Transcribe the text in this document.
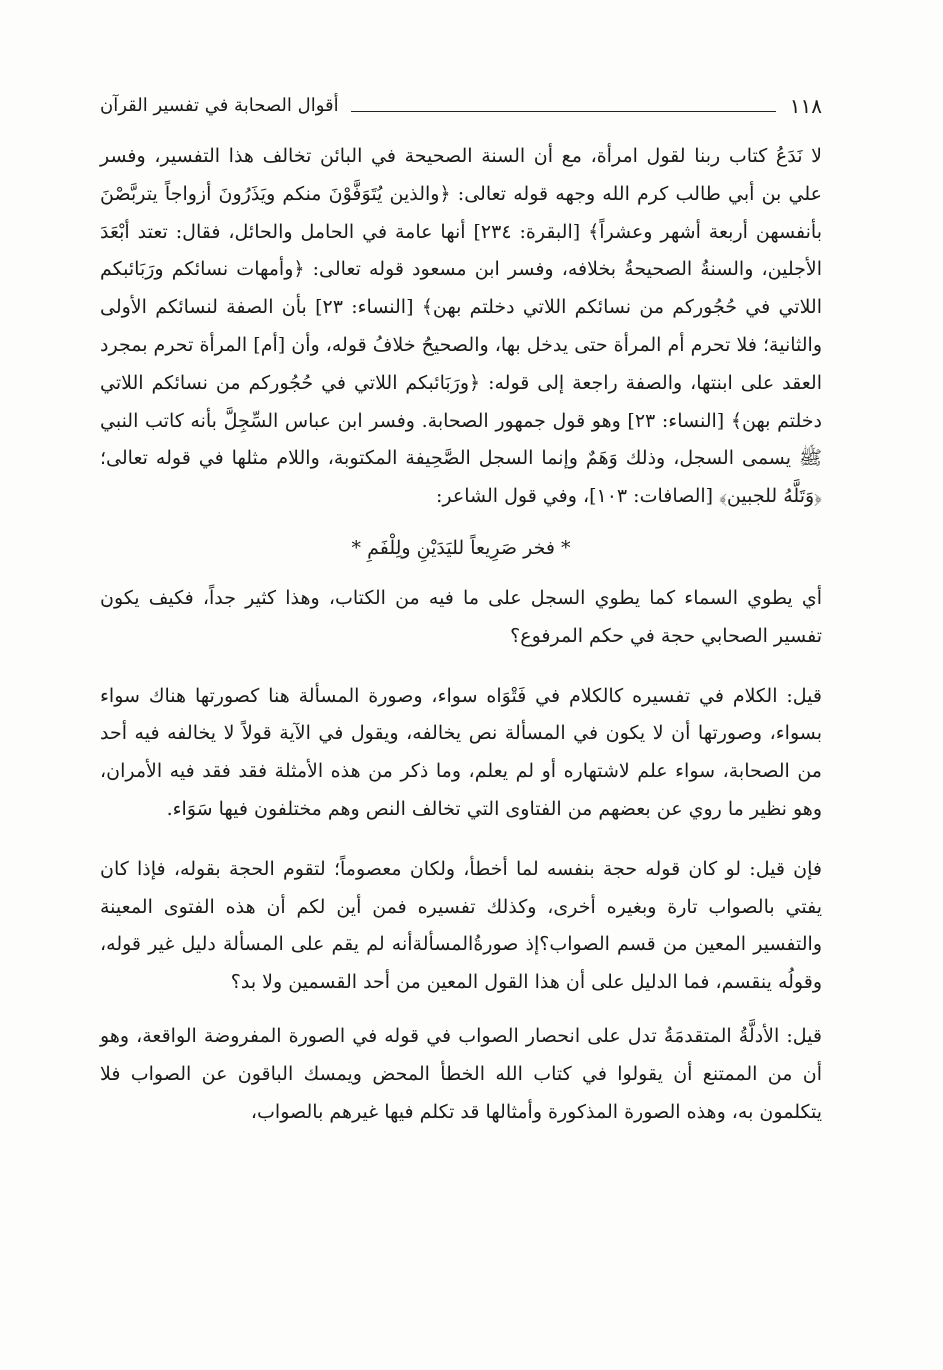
١١٨
أقوال الصحابة في تفسير القرآن

لا نَدَعُ كتاب ربنا لقول امرأة، مع أن السنة الصحيحة في البائن تخالف هذا التفسير، وفسر علي بن أبي طالب كرم الله وجهه قوله تعالى: ﴿والذين يُتَوَفَّوْنَ منكم ويَذَرُونَ أزواجاً يتربَّصْنَ بأنفسهن أربعة أشهر وعشراً﴾ [البقرة: ٢٣٤] أنها عامة في الحامل والحائل، فقال: تعتد أبْعَدَ الأجلين، والسنةُ الصحيحةُ بخلافه، وفسر ابن مسعود قوله تعالى: ﴿وأمهات نسائكم ورَبَائبكم اللاتي في حُجُوركم من نسائكم اللاتي دخلتم بهن﴾ [النساء: ٢٣] بأن الصفة لنسائكم الأولى والثانية؛ فلا تحرم أم المرأة حتى يدخل بها، والصحيحُ خلافُ قوله، وأن [أم] المرأة تحرم بمجرد العقد على ابنتها، والصفة راجعة إلى قوله: ﴿ورَبَائبكم اللاتي في حُجُوركم من نسائكم اللاتي دخلتم بهن﴾ [النساء: ٢٣] وهو قول جمهور الصحابة. وفسر ابن عباس السِّجِلَّ بأنه كاتب النبي ﷺ يسمى السجل، وذلك وَهَمٌ وإنما السجل الصَّحِيفة المكتوبة، واللام مثلها في قوله تعالى؛ ﴿وَتَلَّهُ للجبين﴾ [الصافات: ١٠٣]، وفي قول الشاعر:

* فخر صَرِيعاً لليَدَيْنِ ولِلْفَمِ *

أي يطوي السماء كما يطوي السجل على ما فيه من الكتاب، وهذا كثير جداً، فكيف يكون تفسير الصحابي حجة في حكم المرفوع؟

قيل: الكلام في تفسيره كالكلام في فَتْوَاه سواء، وصورة المسألة هنا كصورتها هناك سواء بسواء، وصورتها أن لا يكون في المسألة نص يخالفه، ويقول في الآية قولاً لا يخالفه فيه أحد من الصحابة، سواء علم لاشتهاره أو لم يعلم، وما ذكر من هذه الأمثلة فقد فقد فيه الأمران، وهو نظير ما روي عن بعضهم من الفتاوى التي تخالف النص وهم مختلفون فيها سَوَاء.

فإن قيل: لو كان قوله حجة بنفسه لما أخطأ، ولكان معصوماً؛ لتقوم الحجة بقوله، فإذا كان يفتي بالصواب تارة وبغيره أخرى، وكذلك تفسيره فمن أين لكم أن هذه الفتوى المعينة والتفسير المعين من قسم الصواب؟إذ صورةُالمسألةأنه لم يقم على المسألة دليل غير قوله، وقولُه ينقسم، فما الدليل على أن هذا القول المعين من أحد القسمين ولا بد؟

قيل: الأدلَّةُ المتقدمَةُ تدل على انحصار الصواب في قوله في الصورة المفروضة الواقعة، وهو أن من الممتنع أن يقولوا في كتاب الله الخطأ المحض ويمسك الباقون عن الصواب فلا يتكلمون به، وهذه الصورة المذكورة وأمثالها قد تكلم فيها غيرهم بالصواب،
